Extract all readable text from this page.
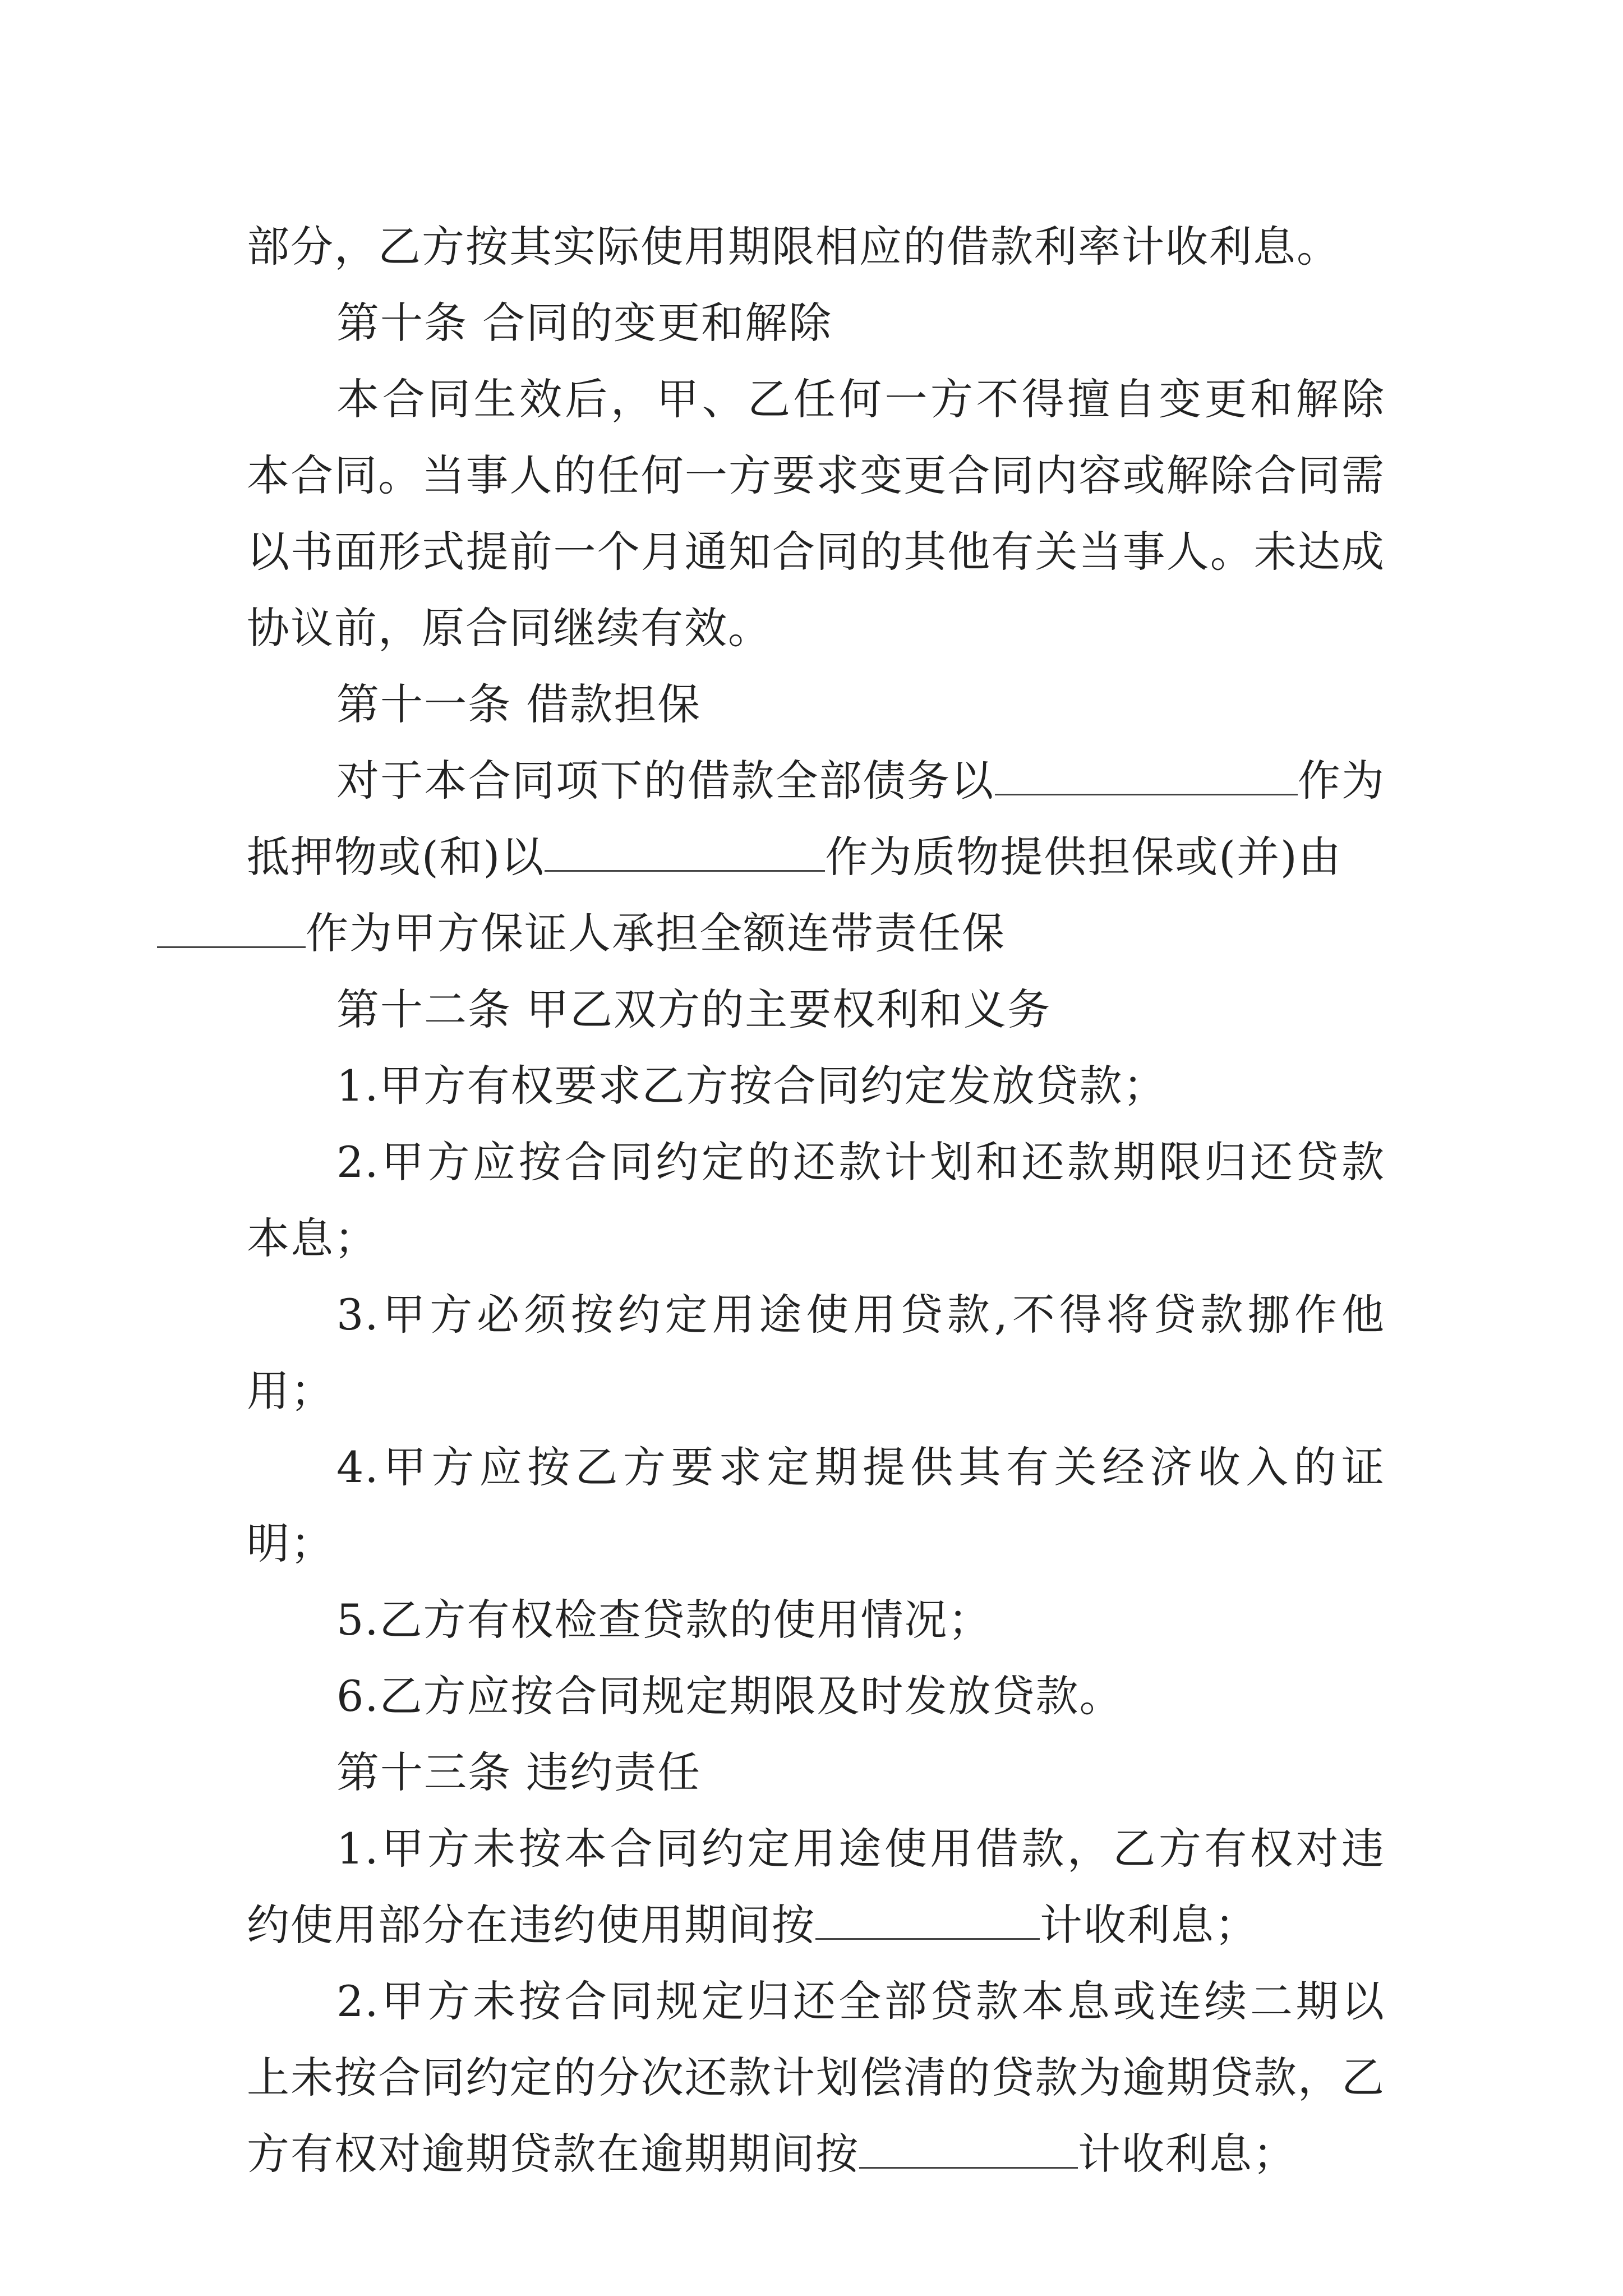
部分，乙方按其实际使用期限相应的借款利率计收利息。

第十条 合同的变更和解除

本合同生效后，甲、乙任何一方不得擅自变更和解除本合同。当事人的任何一方要求变更合同内容或解除合同需以书面形式提前一个月通知合同的其他有关当事人。未达成协议前，原合同继续有效。

第十一条 借款担保

对于本合同项下的借款全部债务以	作为抵押物或(和)以	作为质物提供担保或(并)由
作为甲方保证人承担全额连带责任保

第十二条 甲乙双方的主要权利和义务

1.甲方有权要求乙方按合同约定发放贷款；

2.甲方应按合同约定的还款计划和还款期限归还贷款本息；

3.甲方必须按约定用途使用贷款,不得将贷款挪作他用；

4.甲方应按乙方要求定期提供其有关经济收入的证明；

5.乙方有权检查贷款的使用情况；

6.乙方应按合同规定期限及时发放贷款。

第十三条 违约责任

1.甲方未按本合同约定用途使用借款，乙方有权对违约使用部分在违约使用期间按	计收利息；

2.甲方未按合同规定归还全部贷款本息或连续二期以上未按合同约定的分次还款计划偿清的贷款为逾期贷款，乙方有权对逾期贷款在逾期期间按	计收利息；
